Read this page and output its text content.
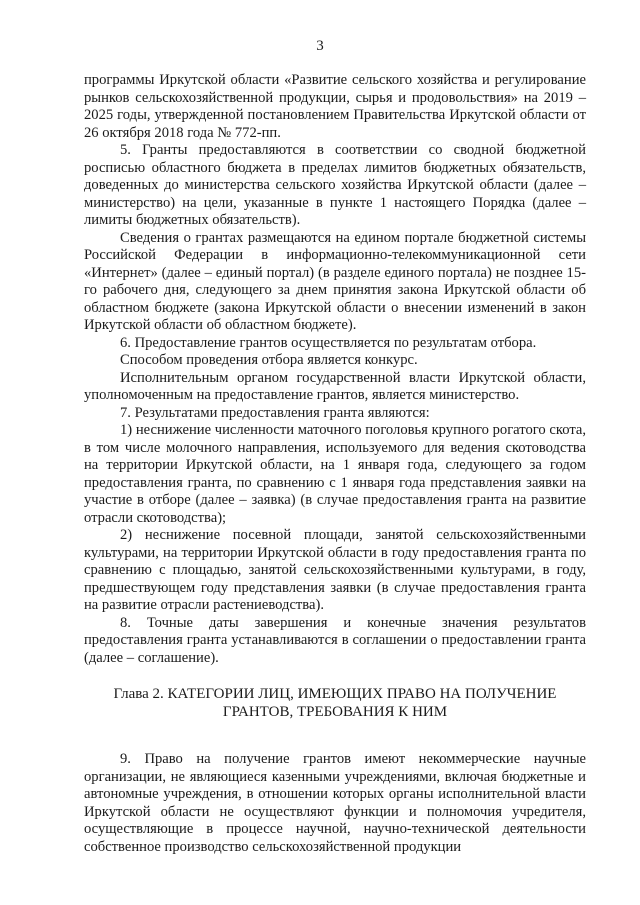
3

программы Иркутской области «Развитие сельского хозяйства и регулирование рынков сельскохозяйственной продукции, сырья и продовольствия» на 2019 – 2025 годы, утвержденной постановлением Правительства Иркутской области от 26 октября 2018 года № 772-пп.

5. Гранты предоставляются в соответствии со сводной бюджетной росписью областного бюджета в пределах лимитов бюджетных обязательств, доведенных до министерства сельского хозяйства Иркутской области (далее – министерство) на цели, указанные в пункте 1 настоящего Порядка (далее – лимиты бюджетных обязательств).

Сведения о грантах размещаются на едином портале бюджетной системы Российской Федерации в информационно-телекоммуникационной сети «Интернет» (далее – единый портал) (в разделе единого портала) не позднее 15-го рабочего дня, следующего за днем принятия закона Иркутской области об областном бюджете (закона Иркутской области о внесении изменений в закон Иркутской области об областном бюджете).

6. Предоставление грантов осуществляется по результатам отбора.

Способом проведения отбора является конкурс.

Исполнительным органом государственной власти Иркутской области, уполномоченным на предоставление грантов, является министерство.

7. Результатами предоставления гранта являются:

1) неснижение численности маточного поголовья крупного рогатого скота, в том числе молочного направления, используемого для ведения скотоводства на территории Иркутской области, на 1 января года, следующего за годом предоставления гранта, по сравнению с 1 января года представления заявки на участие в отборе (далее – заявка) (в случае предоставления гранта на развитие отрасли скотоводства);

2) неснижение посевной площади, занятой сельскохозяйственными культурами, на территории Иркутской области в году предоставления гранта по сравнению с площадью, занятой сельскохозяйственными культурами, в году, предшествующем году представления заявки (в случае предоставления гранта на развитие отрасли растениеводства).

8. Точные даты завершения и конечные значения результатов предоставления гранта устанавливаются в соглашении о предоставлении гранта (далее – соглашение).

Глава 2. КАТЕГОРИИ ЛИЦ, ИМЕЮЩИХ ПРАВО НА ПОЛУЧЕНИЕ
ГРАНТОВ, ТРЕБОВАНИЯ К НИМ

9. Право на получение грантов имеют некоммерческие научные организации, не являющиеся казенными учреждениями, включая бюджетные и автономные учреждения, в отношении которых органы исполнительной власти Иркутской области не осуществляют функции и полномочия учредителя, осуществляющие в процессе научной, научно-технической деятельности собственное производство сельскохозяйственной продукции
